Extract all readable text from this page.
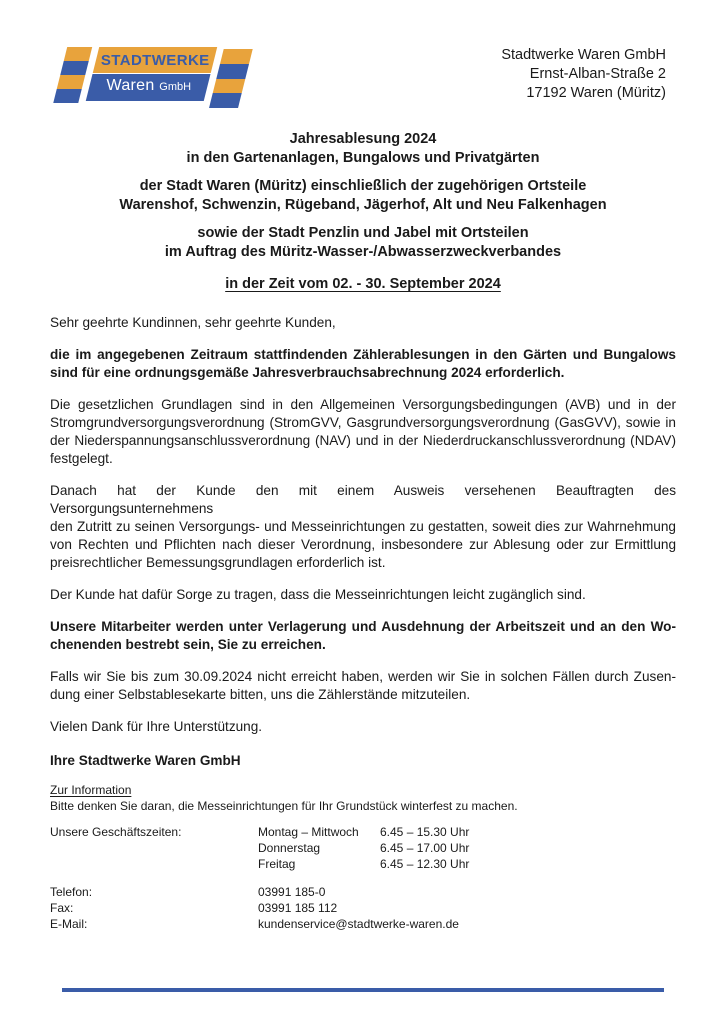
STADTWERKE
Waren GmbH
Stadtwerke Waren GmbH
Ernst-Alban-Straße 2
17192 Waren (Müritz)
Jahresablesung 2024
in den Gartenanlagen, Bungalows und Privatgärten
der Stadt Waren (Müritz) einschließlich der zugehörigen Ortsteile
Warenshof, Schwenzin, Rügeband, Jägerhof, Alt und Neu Falkenhagen
sowie der Stadt Penzlin und Jabel mit Ortsteilen
im Auftrag des Müritz-Wasser-/Abwasserzweckverbandes
in der Zeit vom 02. - 30. September 2024
Sehr geehrte Kundinnen, sehr geehrte Kunden,
die im angegebenen Zeitraum stattfindenden Zählerablesungen in den Gärten und Bungalows
sind für eine ordnungsgemäße Jahresverbrauchsabrechnung 2024 erforderlich.
Die gesetzlichen Grundlagen sind in den Allgemeinen Versorgungsbedingungen (AVB) und in der
Stromgrundversorgungsverordnung (StromGVV, Gasgrundversorgungsverordnung (GasGVV), sowie in
der Niederspannungsanschlussverordnung (NAV) und in der Niederdruckanschlussverordnung (NDAV)
festgelegt.
Danach hat der Kunde den mit einem Ausweis versehenen Beauftragten des Versorgungsunternehmens
den Zutritt zu seinen Versorgungs- und Messeinrichtungen zu gestatten, soweit dies zur Wahrnehmung
von Rechten und Pflichten nach dieser Verordnung, insbesondere zur Ablesung oder zur Ermittlung
preisrechtlicher Bemessungsgrundlagen erforderlich ist.
Der Kunde hat dafür Sorge zu tragen, dass die Messeinrichtungen leicht zugänglich sind.
Unsere Mitarbeiter werden unter Verlagerung und Ausdehnung der Arbeitszeit und an den Wo-
chenenden bestrebt sein, Sie zu erreichen.
Falls wir Sie bis zum 30.09.2024 nicht erreicht haben, werden wir Sie in solchen Fällen durch Zusen-
dung einer Selbstablesekarte bitten, uns die Zählerstände mitzuteilen.
Vielen Dank für Ihre Unterstützung.
Ihre Stadtwerke Waren GmbH
Zur Information
Bitte denken Sie daran, die Messeinrichtungen für Ihr Grundstück winterfest zu machen.
Unsere Geschäftszeiten:	Montag – Mittwoch	6.45 – 15.30 Uhr
Donnerstag	6.45 – 17.00 Uhr
Freitag	6.45 – 12.30 Uhr
Telefon:	03991 185-0
Fax:	03991 185 112
E-Mail:	kundenservice@stadtwerke-waren.de
